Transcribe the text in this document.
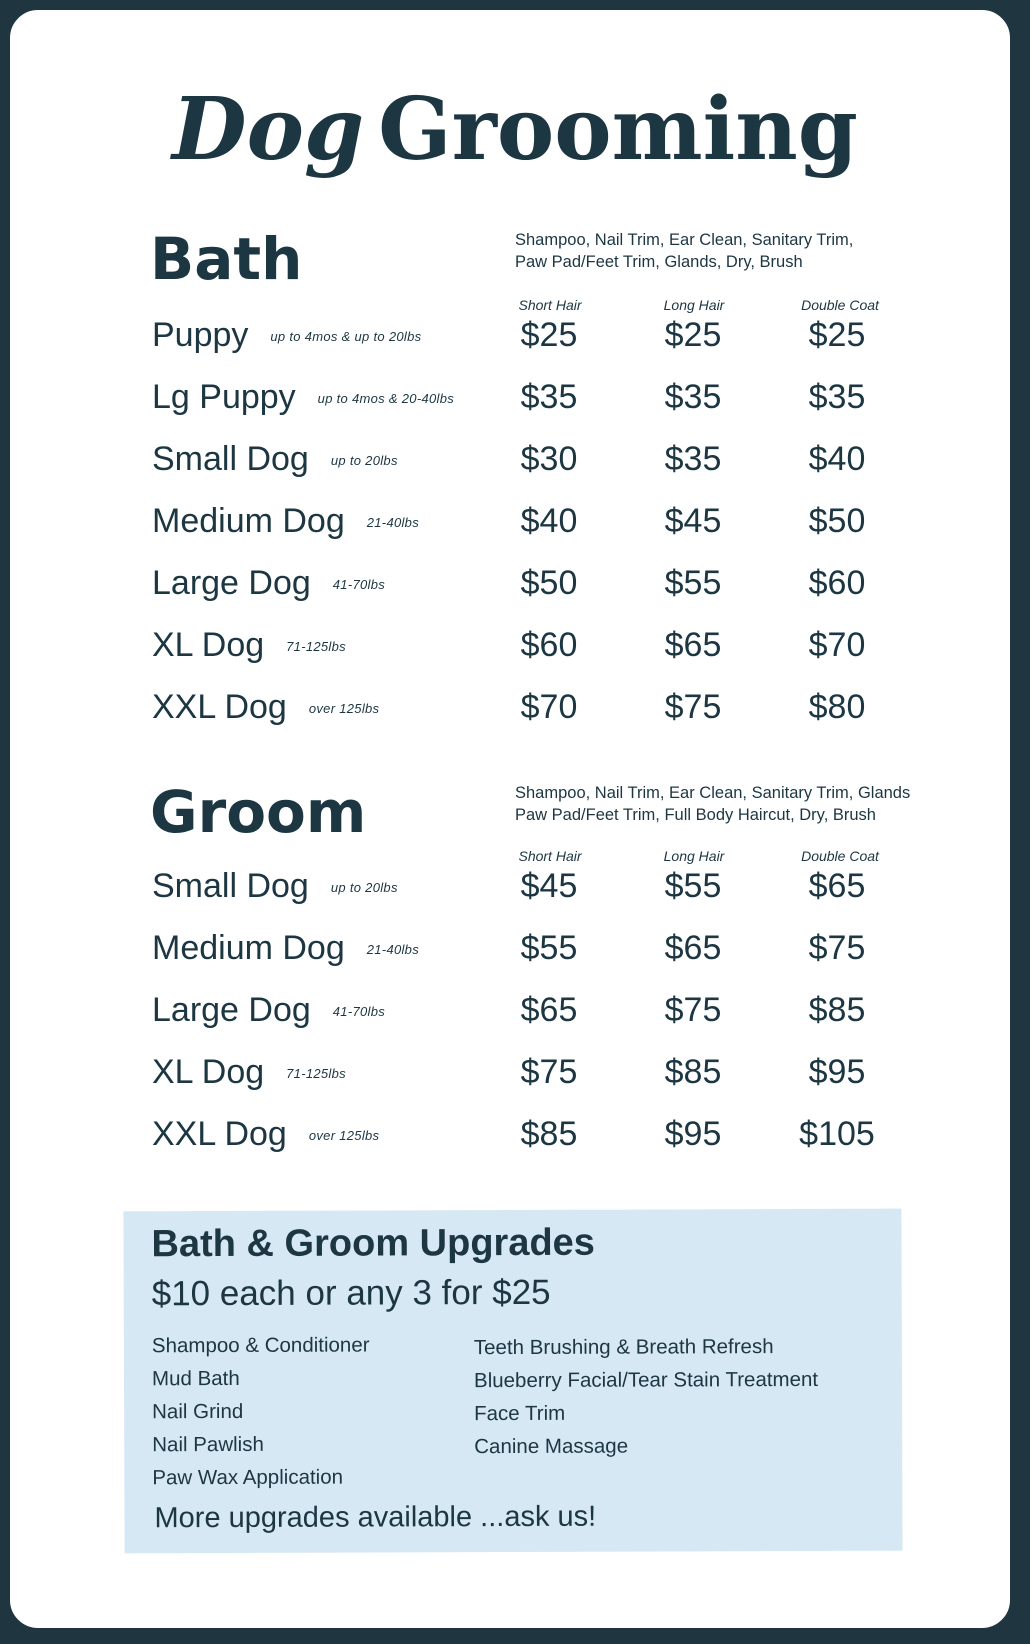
Dog Grooming
Bath	Shampoo, Nail Trim, Ear Clean, Sanitary Trim,
Paw Pad/Feet Trim, Glands, Dry, Brush
Short Hair	Long Hair	Double Coat
Puppy up to 4mos & up to 20lbs	$25	$25	$25
Lg Puppy up to 4mos & 20-40lbs	$35	$35	$35
Small Dog up to 20lbs	$30	$35	$40
Medium Dog 21-40lbs	$40	$45	$50
Large Dog 41-70lbs	$50	$55	$60
XL Dog 71-125lbs	$60	$65	$70
XXL Dog over 125lbs	$70	$75	$80
Groom	Shampoo, Nail Trim, Ear Clean, Sanitary Trim, Glands
Paw Pad/Feet Trim, Full Body Haircut, Dry, Brush
Short Hair	Long Hair	Double Coat
Small Dog up to 20lbs	$45	$55	$65
Medium Dog 21-40lbs	$55	$65	$75
Large Dog 41-70lbs	$65	$75	$85
XL Dog 71-125lbs	$75	$85	$95
XXL Dog over 125lbs	$85	$95	$105
Bath & Groom Upgrades
$10 each or any 3 for $25
Shampoo & Conditioner
Mud Bath
Nail Grind
Nail Pawlish
Paw Wax Application
Teeth Brushing & Breath Refresh
Blueberry Facial/Tear Stain Treatment
Face Trim
Canine Massage
More upgrades available ...ask us!
